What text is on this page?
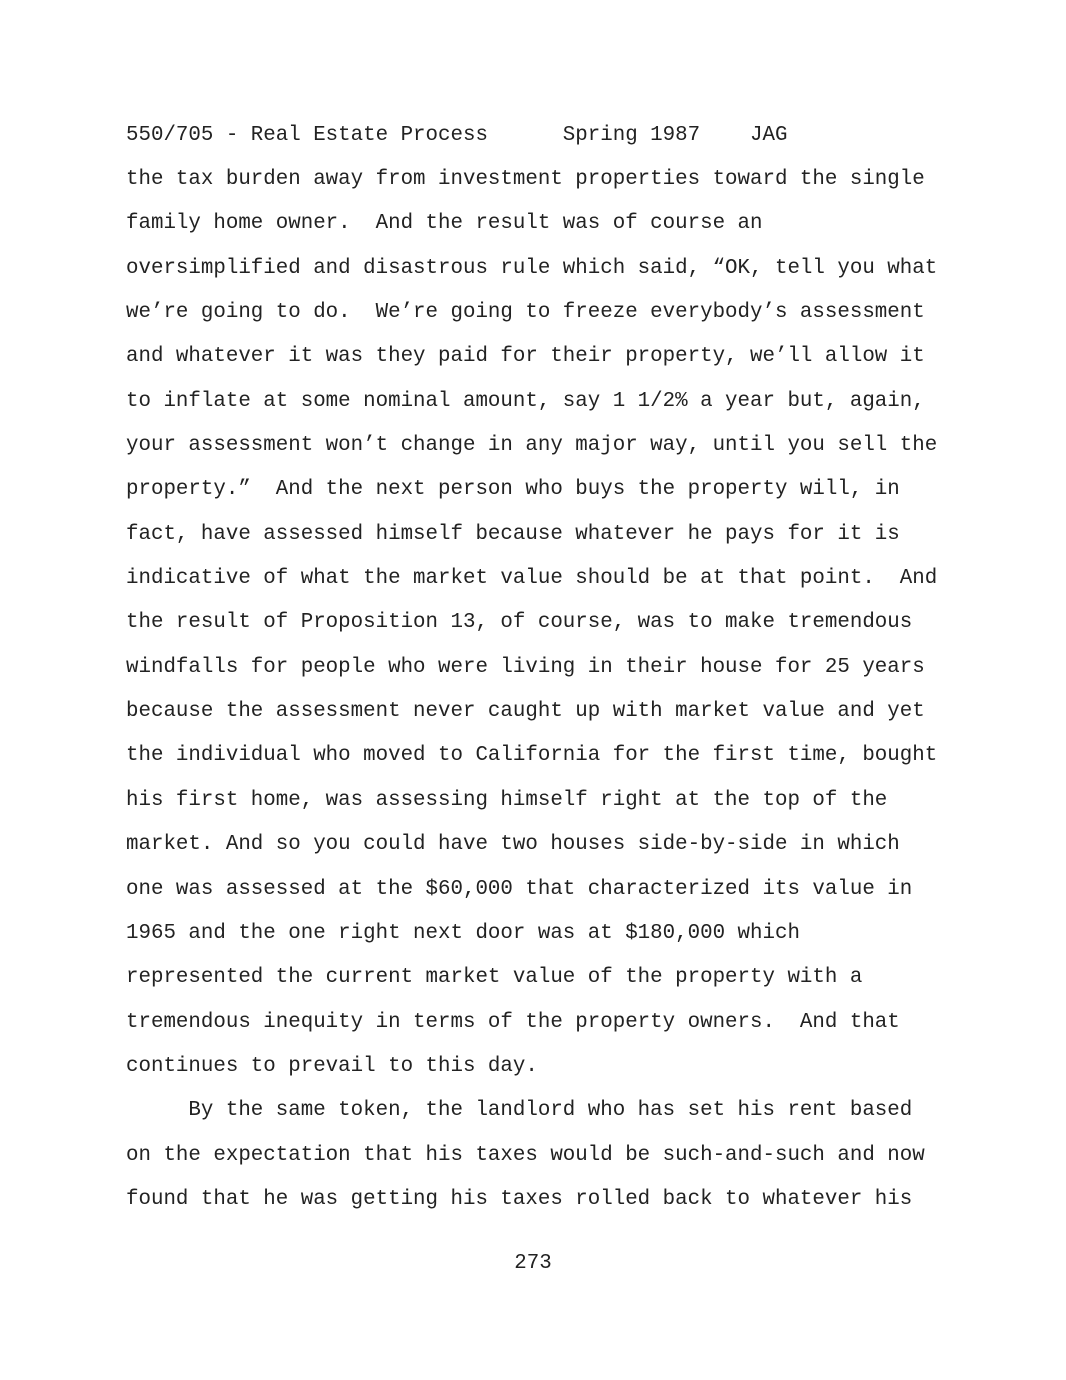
550/705 - Real Estate Process      Spring 1987    JAG
the tax burden away from investment properties toward the single
family home owner.  And the result was of course an
oversimplified and disastrous rule which said, “OK, tell you what
we’re going to do.  We’re going to freeze everybody’s assessment
and whatever it was they paid for their property, we’ll allow it
to inflate at some nominal amount, say 1 1/2% a year but, again,
your assessment won’t change in any major way, until you sell the
property.”  And the next person who buys the property will, in
fact, have assessed himself because whatever he pays for it is
indicative of what the market value should be at that point.  And
the result of Proposition 13, of course, was to make tremendous
windfalls for people who were living in their house for 25 years
because the assessment never caught up with market value and yet
the individual who moved to California for the first time, bought
his first home, was assessing himself right at the top of the
market. And so you could have two houses side-by-side in which
one was assessed at the $60,000 that characterized its value in
1965 and the one right next door was at $180,000 which
represented the current market value of the property with a
tremendous inequity in terms of the property owners.  And that
continues to prevail to this day.
By the same token, the landlord who has set his rent based
on the expectation that his taxes would be such-and-such and now
found that he was getting his taxes rolled back to whatever his
273
